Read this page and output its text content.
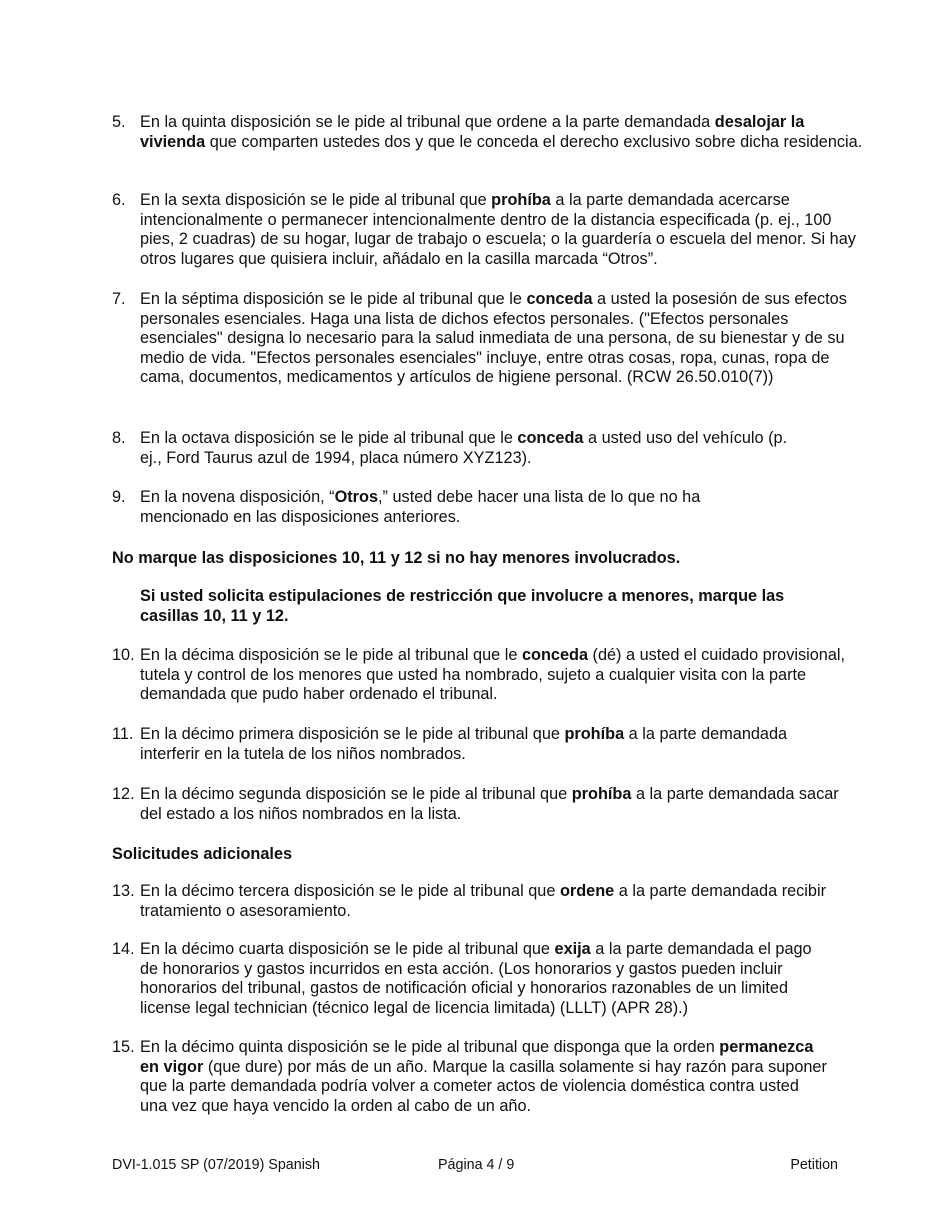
5. En la quinta disposición se le pide al tribunal que ordene a la parte demandada desalojar la vivienda que comparten ustedes dos y que le conceda el derecho exclusivo sobre dicha residencia.
6. En la sexta disposición se le pide al tribunal que prohíba a la parte demandada acercarse intencionalmente o permanecer intencionalmente dentro de la distancia especificada (p. ej., 100 pies, 2 cuadras) de su hogar, lugar de trabajo o escuela; o la guardería o escuela del menor. Si hay otros lugares que quisiera incluir, añádalo en la casilla marcada “Otros”.
7. En la séptima disposición se le pide al tribunal que le conceda a usted la posesión de sus efectos personales esenciales. Haga una lista de dichos efectos personales. ("Efectos personales esenciales" designa lo necesario para la salud inmediata de una persona, de su bienestar y de su medio de vida. "Efectos personales esenciales" incluye, entre otras cosas, ropa, cunas, ropa de cama, documentos, medicamentos y artículos de higiene personal. (RCW 26.50.010(7))
8. En la octava disposición se le pide al tribunal que le conceda a usted uso del vehículo (p. ej., Ford Taurus azul de 1994, placa número XYZ123).
9. En la novena disposición, “Otros,” usted debe hacer una lista de lo que no ha mencionado en las disposiciones anteriores.
No marque las disposiciones 10, 11 y 12 si no hay menores involucrados.
Si usted solicita estipulaciones de restricción que involucre a menores, marque las casillas 10, 11 y 12.
10. En la décima disposición se le pide al tribunal que le conceda (dé) a usted el cuidado provisional, tutela y control de los menores que usted ha nombrado, sujeto a cualquier visita con la parte demandada que pudo haber ordenado el tribunal.
11. En la décimo primera disposición se le pide al tribunal que prohíba a la parte demandada interferir en la tutela de los niños nombrados.
12. En la décimo segunda disposición se le pide al tribunal que prohíba a la parte demandada sacar del estado a los niños nombrados en la lista.
Solicitudes adicionales
13. En la décimo tercera disposición se le pide al tribunal que ordene a la parte demandada recibir tratamiento o asesoramiento.
14. En la décimo cuarta disposición se le pide al tribunal que exija a la parte demandada el pago de honorarios y gastos incurridos en esta acción. (Los honorarios y gastos pueden incluir honorarios del tribunal, gastos de notificación oficial y honorarios razonables de un limited license legal technician (técnico legal de licencia limitada) (LLLT) (APR 28).)
15. En la décimo quinta disposición se le pide al tribunal que disponga que la orden permanezca en vigor (que dure) por más de un año. Marque la casilla solamente si hay razón para suponer que la parte demandada podría volver a cometer actos de violencia doméstica contra usted una vez que haya vencido la orden al cabo de un año.
DVI-1.015 SP (07/2019) Spanish	Página 4 / 9	Petition
